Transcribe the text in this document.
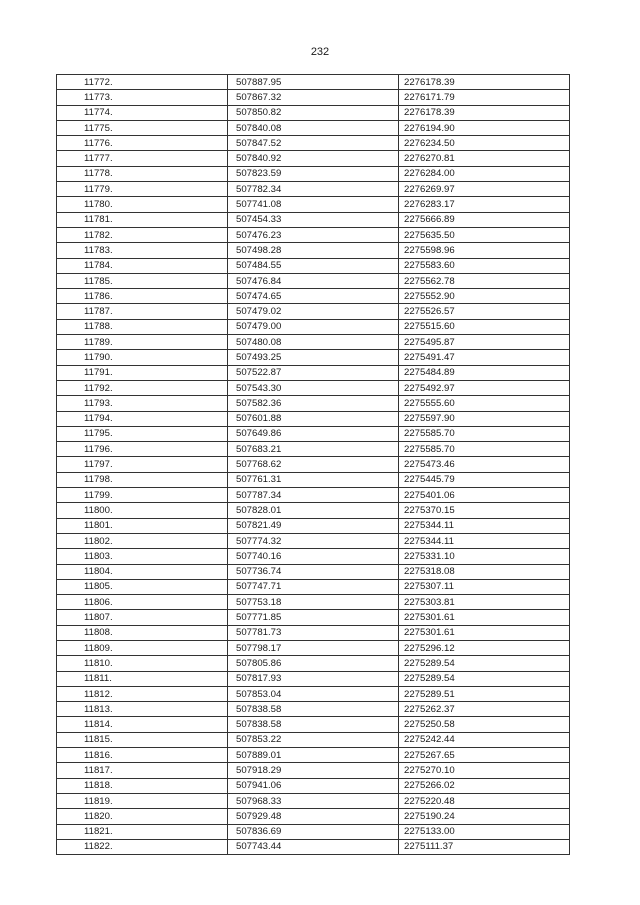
232
11772.	507887.95	2276178.39
11773.	507867.32	2276171.79
11774.	507850.82	2276178.39
11775.	507840.08	2276194.90
11776.	507847.52	2276234.50
11777.	507840.92	2276270.81
11778.	507823.59	2276284.00
11779.	507782.34	2276269.97
11780.	507741.08	2276283.17
11781.	507454.33	2275666.89
11782.	507476.23	2275635.50
11783.	507498.28	2275598.96
11784.	507484.55	2275583.60
11785.	507476.84	2275562.78
11786.	507474.65	2275552.90
11787.	507479.02	2275526.57
11788.	507479.00	2275515.60
11789.	507480.08	2275495.87
11790.	507493.25	2275491.47
11791.	507522.87	2275484.89
11792.	507543.30	2275492.97
11793.	507582.36	2275555.60
11794.	507601.88	2275597.90
11795.	507649.86	2275585.70
11796.	507683.21	2275585.70
11797.	507768.62	2275473.46
11798.	507761.31	2275445.79
11799.	507787.34	2275401.06
11800.	507828.01	2275370.15
11801.	507821.49	2275344.11
11802.	507774.32	2275344.11
11803.	507740.16	2275331.10
11804.	507736.74	2275318.08
11805.	507747.71	2275307.11
11806.	507753.18	2275303.81
11807.	507771.85	2275301.61
11808.	507781.73	2275301.61
11809.	507798.17	2275296.12
11810.	507805.86	2275289.54
11811.	507817.93	2275289.54
11812.	507853.04	2275289.51
11813.	507838.58	2275262.37
11814.	507838.58	2275250.58
11815.	507853.22	2275242.44
11816.	507889.01	2275267.65
11817.	507918.29	2275270.10
11818.	507941.06	2275266.02
11819.	507968.33	2275220.48
11820.	507929.48	2275190.24
11821.	507836.69	2275133.00
11822.	507743.44	2275111.37
